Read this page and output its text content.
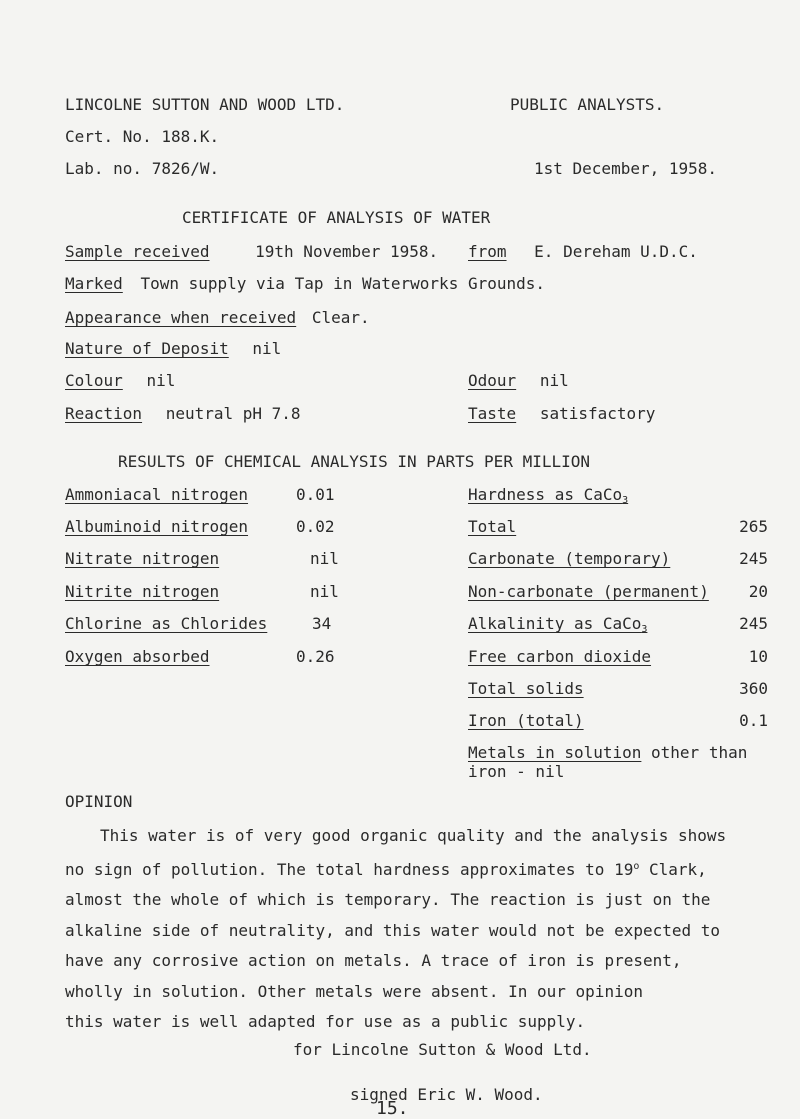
LINCOLNE SUTTON AND WOOD LTD.	PUBLIC ANALYSTS.
Cert. No. 188.K.
Lab. no. 7826/W.	1st December, 1958.
CERTIFICATE OF ANALYSIS OF WATER
Sample received	19th November 1958. from E. Dereham U.D.C.
Marked Town supply via Tap in Waterworks Grounds.
Appearance when received Clear.
Nature of Deposit nil
Colour nil	Odour nil
Reaction neutral pH 7.8	Taste satisfactory
RESULTS OF CHEMICAL ANALYSIS IN PARTS PER MILLION
Ammoniacal nitrogen	0.01
Albuminoid nitrogen	0.02
Nitrate nitrogen	nil
Nitrite nitrogen	nil
Chlorine as Chlorides	34
Oxygen absorbed	0.26
Hardness as CaCo$_3$
Total	265
Carbonate (temporary)	245
Non-carbonate (permanent) 20
Alkalinity as CaCo$_3$	245
Free carbon dioxide	10
Total solids	360
Iron (total)	0.1
Metals in solution other than
iron - nil
OPINION
This water is of very good organic quality and the analysis shows
no sign of pollution. The total hardness approximates to 19$^o$ Clark,
almost the whole of which is temporary. The reaction is just on the
alkaline side of neutrality, and this water would not be expected to
have any corrosive action on metals. A trace of iron is present,
wholly in solution. Other metals were absent. In our opinion
this water is well adapted for use as a public supply.
for Lincolne Sutton & Wood Ltd.
signed Eric W. Wood.
15.
